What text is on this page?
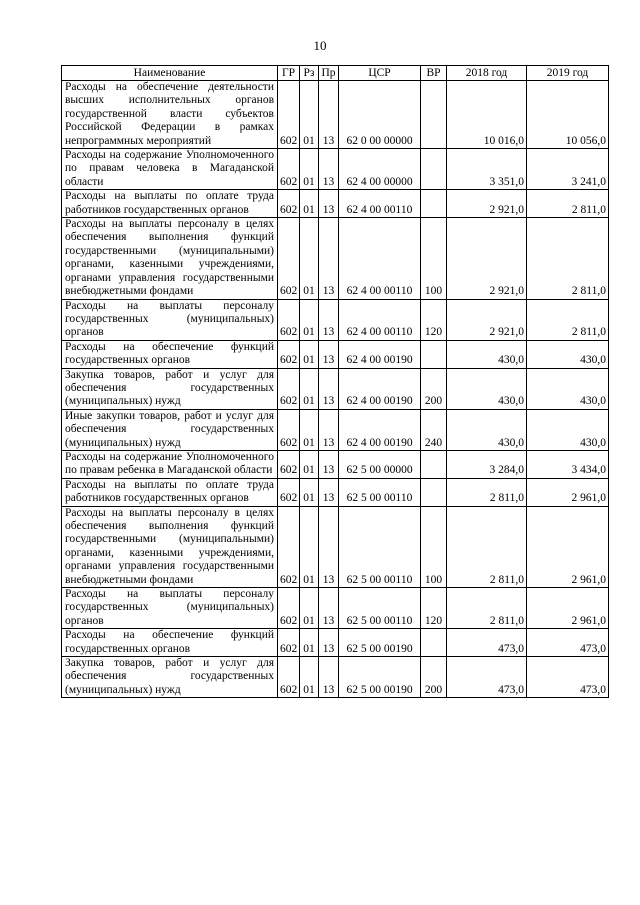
10
Наименование	ГР	Рз	Пр	ЦСР	ВР	2018 год	2019 год
Расходы на обеспечение деятельности высших исполнительных органов государственной власти субъектов Российской Федерации в рамках непрограммных мероприятий	602	01	13	62 0 00 00000		10 016,0	10 056,0
Расходы на содержание Уполномоченного по правам человека в Магаданской области	602	01	13	62 4 00 00000		3 351,0	3 241,0
Расходы на выплаты по оплате труда работников государственных органов	602	01	13	62 4 00 00110		2 921,0	2 811,0
Расходы на выплаты персоналу в целях обеспечения выполнения функций государственными (муниципальными) органами, казенными учреждениями, органами управления государственными внебюджетными фондами	602	01	13	62 4 00 00110	100	2 921,0	2 811,0
Расходы на выплаты персоналу государственных (муниципальных) органов	602	01	13	62 4 00 00110	120	2 921,0	2 811,0
Расходы на обеспечение функций государственных органов	602	01	13	62 4 00 00190		430,0	430,0
Закупка товаров, работ и услуг для обеспечения государственных (муниципальных) нужд	602	01	13	62 4 00 00190	200	430,0	430,0
Иные закупки товаров, работ и услуг для обеспечения государственных (муниципальных) нужд	602	01	13	62 4 00 00190	240	430,0	430,0
Расходы на содержание Уполномоченного по правам ребенка в Магаданской области	602	01	13	62 5 00 00000		3 284,0	3 434,0
Расходы на выплаты по оплате труда работников государственных органов	602	01	13	62 5 00 00110		2 811,0	2 961,0
Расходы на выплаты персоналу в целях обеспечения выполнения функций государственными (муниципальными) органами, казенными учреждениями, органами управления государственными внебюджетными фондами	602	01	13	62 5 00 00110	100	2 811,0	2 961,0
Расходы на выплаты персоналу государственных (муниципальных) органов	602	01	13	62 5 00 00110	120	2 811,0	2 961,0
Расходы на обеспечение функций государственных органов	602	01	13	62 5 00 00190		473,0	473,0
Закупка товаров, работ и услуг для обеспечения государственных (муниципальных) нужд	602	01	13	62 5 00 00190	200	473,0	473,0
